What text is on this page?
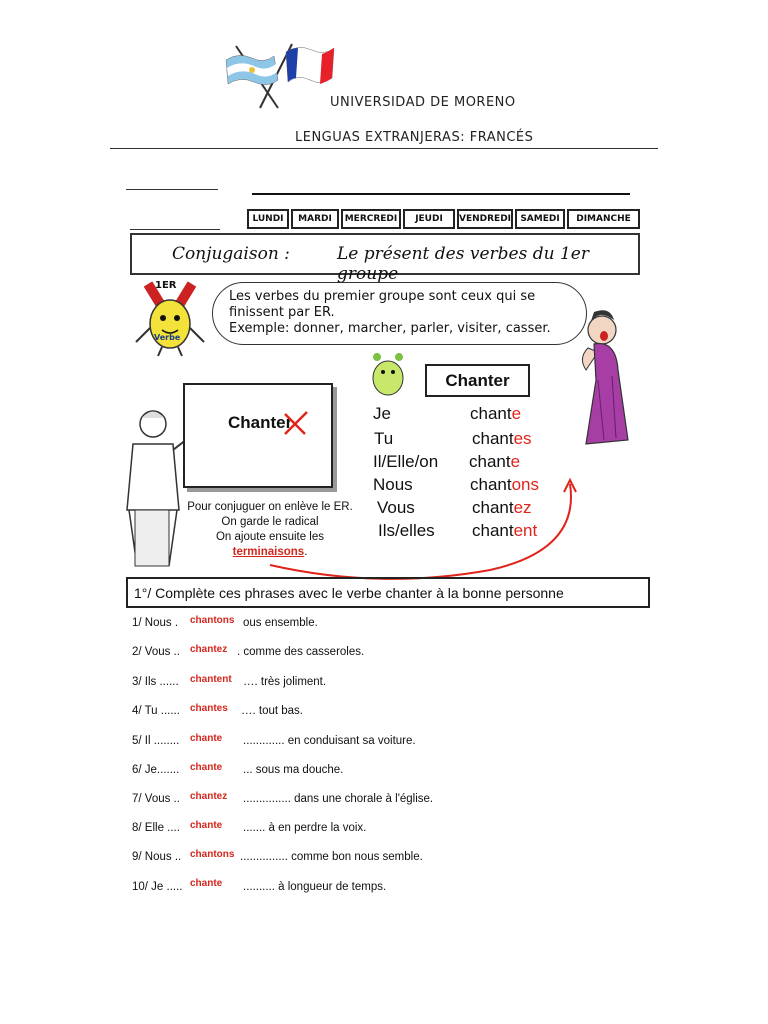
UNIVERSIDAD DE MORENO
LENGUAS EXTRANJERAS: FRANCÉS
LUNDI	MARDI	MERCREDI	JEUDI	VENDREDI	SAMEDI	DIMANCHE
Conjugaison :	Le présent des verbes du 1er groupe
1ER
Verbe
Les verbes du premier groupe sont ceux qui se
finissent par ER.
Exemple: donner, marcher, parler, visiter, casser.
Chanter
Chanter	Je	chante
Tu	chantes
Il/Elle/on chante
Nous	chantons
Vous	chantez
Ils/elles chantent
Pour conjuguer on enlève le ER.
On garde le radical
On ajoute ensuite les
terminaisons.
1°/ Complète ces phrases avec le verbe chanter à la bonne personne
1/ Nous . chantons ous ensemble.
2/ Vous .. chantez . comme des casseroles.
3/ Ils ...... chantent …. très joliment.
4/ Tu ...... chantes …. tout bas.
5/ Il ........ chante ............. en conduisant sa voiture.
6/ Je....... chante ... sous ma douche.
7/ Vous .. chantez ............... dans une chorale à l'église.
8/ Elle .... chante ....... à en perdre la voix.
9/ Nous .. chantons ............... comme bon nous semble.
10/ Je ..... chante .......... à longueur de temps.
